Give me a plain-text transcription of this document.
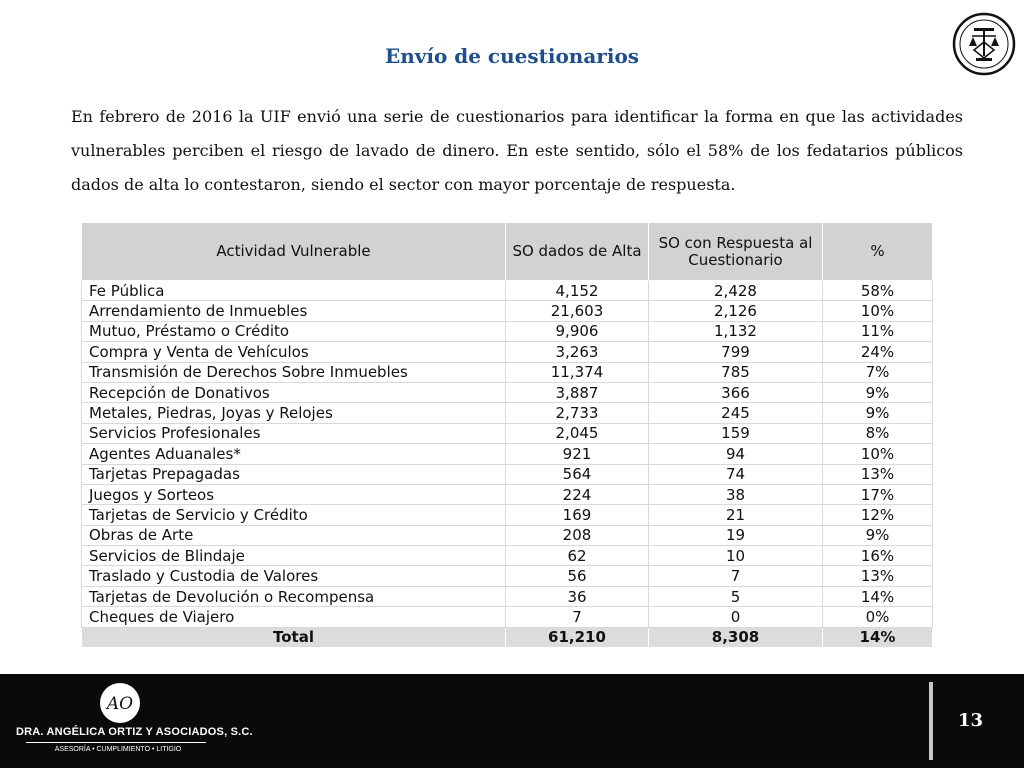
Envío de cuestionarios

En febrero de 2016 la UIF envió una serie de cuestionarios para identificar la forma en que las actividades vulnerables perciben el riesgo de lavado de dinero. En este sentido, sólo el 58% de los fedatarios públicos dados de alta lo contestaron, siendo el sector con mayor porcentaje de respuesta.

Actividad Vulnerable	SO dados de Alta	SO con Respuesta al Cuestionario	%
Fe Pública	4,152	2,428	58%
Arrendamiento de Inmuebles	21,603	2,126	10%
Mutuo, Préstamo o Crédito	9,906	1,132	11%
Compra y Venta de Vehículos	3,263	799	24%
Transmisión de Derechos Sobre Inmuebles	11,374	785	7%
Recepción de Donativos	3,887	366	9%
Metales, Piedras, Joyas y Relojes	2,733	245	9%
Servicios Profesionales	2,045	159	8%
Agentes Aduanales*	921	94	10%
Tarjetas Prepagadas	564	74	13%
Juegos y Sorteos	224	38	17%
Tarjetas de Servicio y Crédito	169	21	12%
Obras de Arte	208	19	9%
Servicios de Blindaje	62	10	16%
Traslado y Custodia de Valores	56	7	13%
Tarjetas de Devolución o Recompensa	36	5	14%
Cheques de Viajero	7	0	0%
Total	61,210	8,308	14%
AO
DRA. ANGÉLICA ORTIZ Y ASOCIADOS, S.C.
ASESORÍA • CUMPLIMIENTO • LITIGIO
13
